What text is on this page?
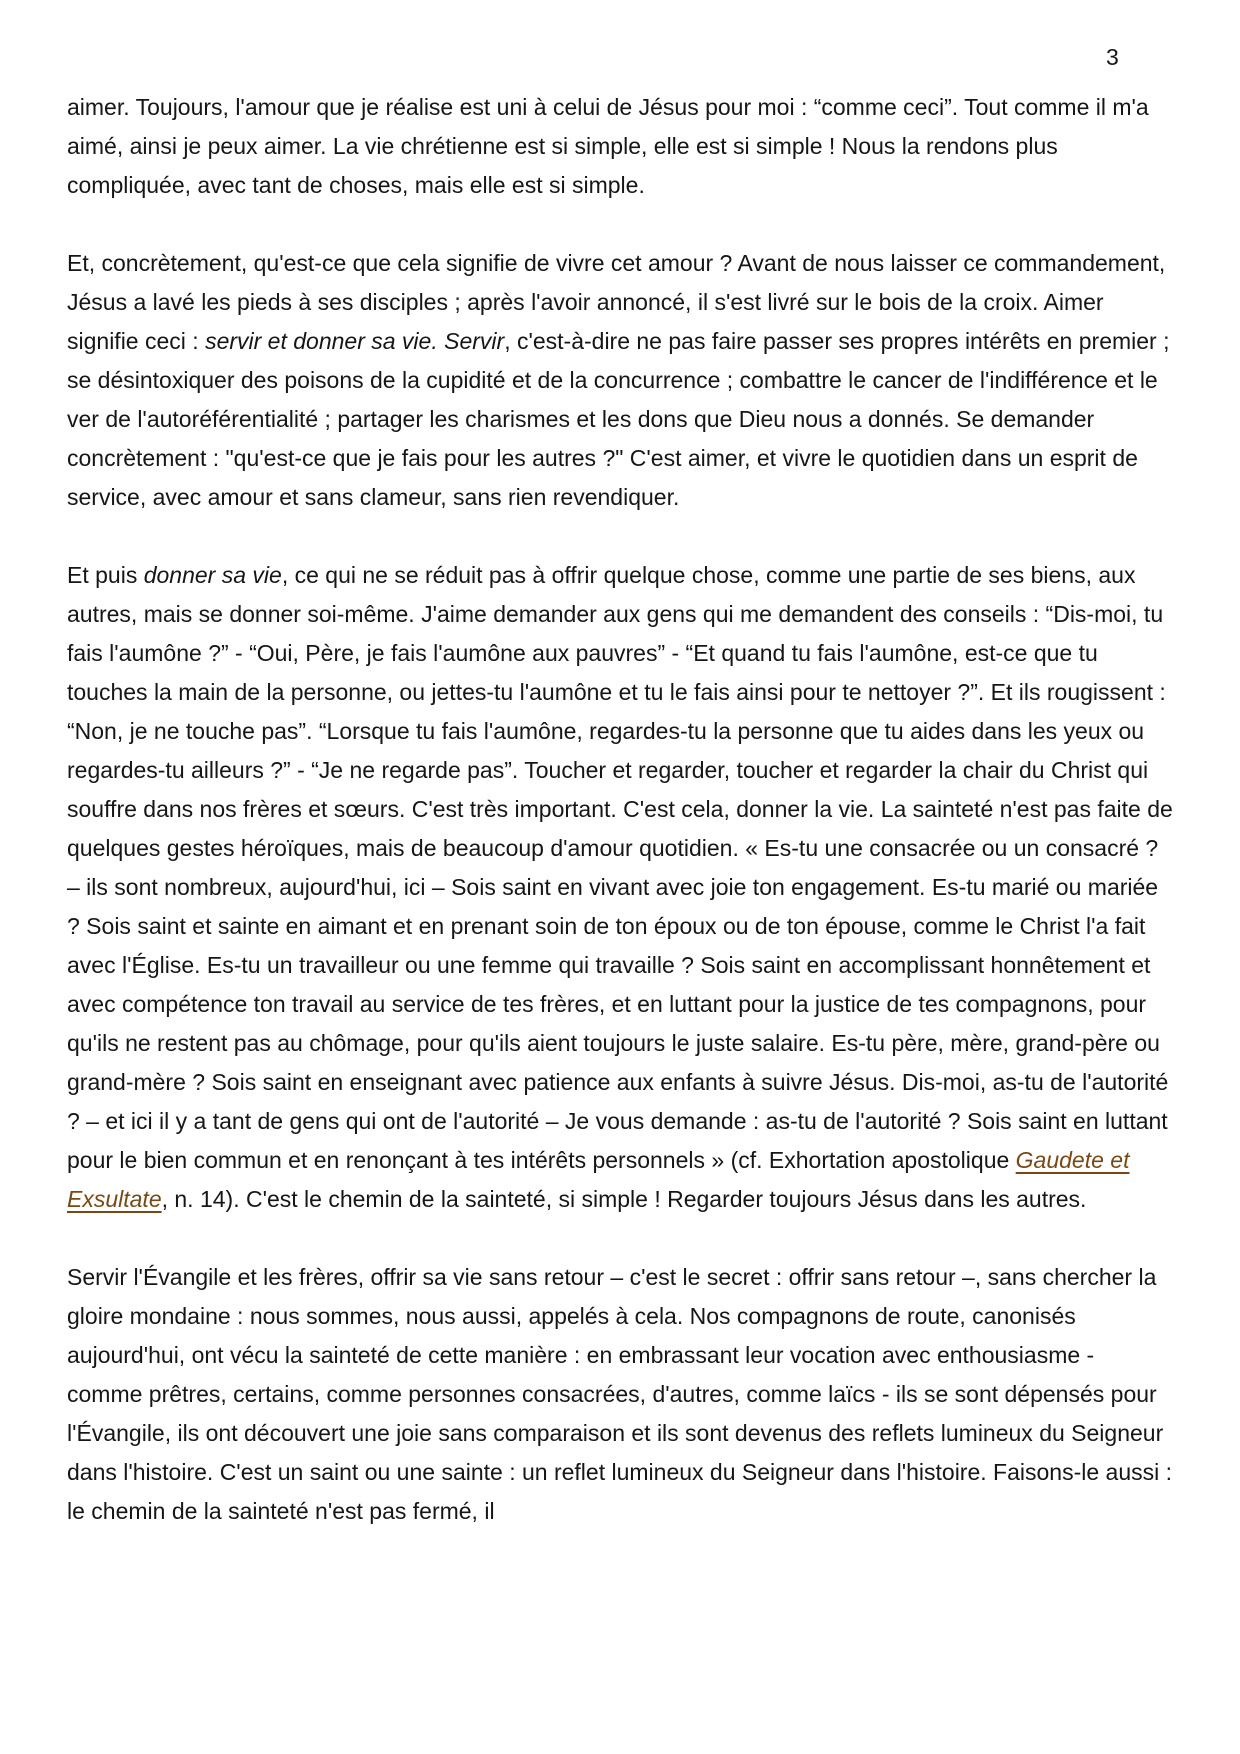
3

aimer. Toujours, l'amour que je réalise est uni à celui de Jésus pour moi : “comme ceci”. Tout comme il m'a aimé, ainsi je peux aimer. La vie chrétienne est si simple, elle est si simple ! Nous la rendons plus compliquée, avec tant de choses, mais elle est si simple.

Et, concrètement, qu'est-ce que cela signifie de vivre cet amour ? Avant de nous laisser ce commandement, Jésus a lavé les pieds à ses disciples ; après l'avoir annoncé, il s'est livré sur le bois de la croix. Aimer signifie ceci : servir et donner sa vie. Servir, c'est-à-dire ne pas faire passer ses propres intérêts en premier ; se désintoxiquer des poisons de la cupidité et de la concurrence ; combattre le cancer de l'indifférence et le ver de l'autoréférentialité ; partager les charismes et les dons que Dieu nous a donnés. Se demander concrètement : "qu'est-ce que je fais pour les autres ?" C'est aimer, et vivre le quotidien dans un esprit de service, avec amour et sans clameur, sans rien revendiquer.

Et puis donner sa vie, ce qui ne se réduit pas à offrir quelque chose, comme une partie de ses biens, aux autres, mais se donner soi-même. J'aime demander aux gens qui me demandent des conseils : “Dis-moi, tu fais l'aumône ?” - “Oui, Père, je fais l'aumône aux pauvres” - “Et quand tu fais l'aumône, est-ce que tu touches la main de la personne, ou jettes-tu l'aumône et tu le fais ainsi pour te nettoyer ?”. Et ils rougissent : “Non, je ne touche pas”. “Lorsque tu fais l'aumône, regardes-tu la personne que tu aides dans les yeux ou regardes-tu ailleurs ?” - “Je ne regarde pas”. Toucher et regarder, toucher et regarder la chair du Christ qui souffre dans nos frères et sœurs. C'est très important. C'est cela, donner la vie. La sainteté n'est pas faite de quelques gestes héroïques, mais de beaucoup d'amour quotidien. « Es-tu une consacrée ou un consacré ? – ils sont nombreux, aujourd'hui, ici – Sois saint en vivant avec joie ton engagement. Es-tu marié ou mariée ? Sois saint et sainte en aimant et en prenant soin de ton époux ou de ton épouse, comme le Christ l'a fait avec l'Église. Es-tu un travailleur ou une femme qui travaille ? Sois saint en accomplissant honnêtement et avec compétence ton travail au service de tes frères, et en luttant pour la justice de tes compagnons, pour qu'ils ne restent pas au chômage, pour qu'ils aient toujours le juste salaire. Es-tu père, mère, grand-père ou grand-mère ? Sois saint en enseignant avec patience aux enfants à suivre Jésus. Dis-moi, as-tu de l'autorité ? – et ici il y a tant de gens qui ont de l'autorité – Je vous demande : as-tu de l'autorité ? Sois saint en luttant pour le bien commun et en renonçant à tes intérêts personnels » (cf. Exhortation apostolique Gaudete et Exsultate, n. 14). C'est le chemin de la sainteté, si simple ! Regarder toujours Jésus dans les autres.

Servir l'Évangile et les frères, offrir sa vie sans retour – c'est le secret : offrir sans retour –, sans chercher la gloire mondaine : nous sommes, nous aussi, appelés à cela. Nos compagnons de route, canonisés aujourd'hui, ont vécu la sainteté de cette manière : en embrassant leur vocation avec enthousiasme - comme prêtres, certains, comme personnes consacrées, d'autres, comme laïcs - ils se sont dépensés pour l'Évangile, ils ont découvert une joie sans comparaison et ils sont devenus des reflets lumineux du Seigneur dans l'histoire. C'est un saint ou une sainte : un reflet lumineux du Seigneur dans l'histoire. Faisons-le aussi : le chemin de la sainteté n'est pas fermé, il
